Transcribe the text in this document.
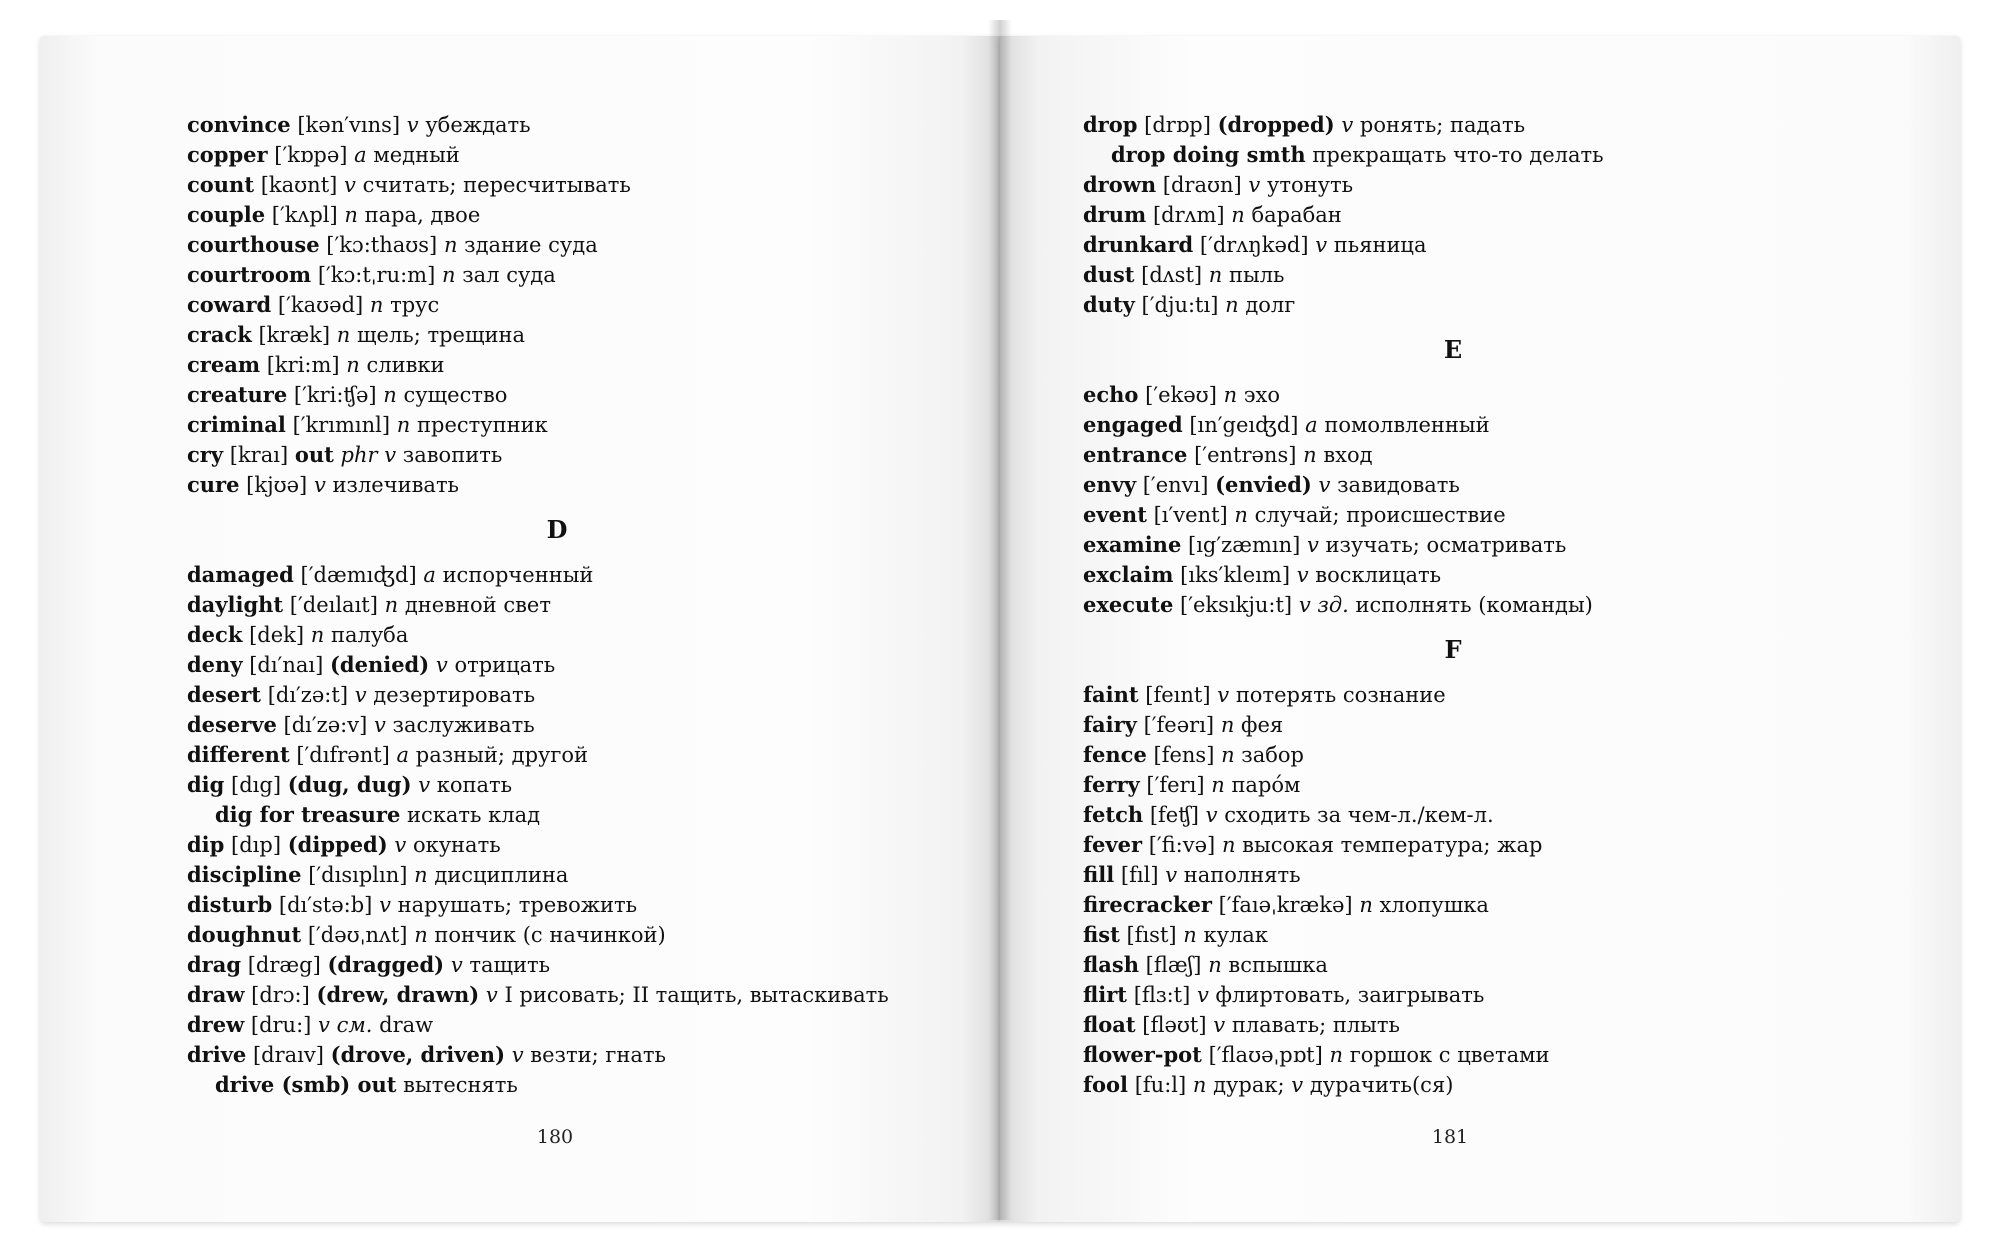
convince [kən′vıns] v убеждать
copper [′kɒpə] a медный
count [kaʊnt] v считать; пересчитывать
couple [′kʌpl] n пара, двое
courthouse [′kɔ:thaʊs] n здание суда
courtroom [′kɔ:tˌru:m] n зал суда
coward [′kaʊəd] n трус
crack [kræk] n щель; трещина
cream [kri:m] n сливки
creature [′kri:ʧə] n существо
criminal [′krımınl] n преступник
cry [kraı] out phr v завопить
cure [kjʊə] v излечивать
D
damaged [′dæmıʤd] a испорченный
daylight [′deılaıt] n дневной свет
deck [dek] n палуба
deny [dı′naı] (denied) v отрицать
desert [dı′zə:t] v дезертировать
deserve [dı′zə:v] v заслуживать
different [′dıfrənt] a разный; другой
dig [dıg] (dug, dug) v копать
dig for treasure искать клад
dip [dıp] (dipped) v окунать
discipline [′dısıplın] n дисциплина
disturb [dı′stə:b] v нарушать; тревожить
doughnut [′dəʊˌnʌt] n пончик (с начинкой)
drag [dræg] (dragged) v тащить
draw [drɔ:] (drew, drawn) v I рисовать; II тащить, вытаскивать
drew [dru:] v см. draw
drive [draıv] (drove, driven) v везти; гнать
drive (smb) out вытеснять
drop [drɒp] (dropped) v ронять; падать
drop doing smth прекращать что-то делать
drown [draʊn] v утонуть
drum [drʌm] n барабан
drunkard [′drʌŋkəd] v пьяница
dust [dʌst] n пыль
duty [′dju:tı] n долг
E
echo [′ekəʊ] n эхо
engaged [ın′geıʤd] a помолвленный
entrance [′entrəns] n вход
envy [′envı] (envied) v завидовать
event [ı′vent] n случай; происшествие
examine [ıg′zæmın] v изучать; осматривать
exclaim [ıks′kleım] v восклицать
execute [′eksıkju:t] v зд. исполнять (команды)
F
faint [feınt] v потерять сознание
fairy [′feərı] n фея
fence [fens] n забор
ferry [′ferı] n паро́м
fetch [feʧ] v сходить за чем-л./кем-л.
fever [′fi:və] n высокая температура; жар
fill [fıl] v наполнять
firecracker [′faıəˌkrækə] n хлопушка
fist [fıst] n кулак
flash [flæʃ] n вспышка
flirt [flɜ:t] v флиртовать, заигрывать
float [fləʊt] v плавать; плыть
flower-pot [′flaʊəˌpɒt] n горшок с цветами
fool [fu:l] n дурак; v дурачить(ся)
180	181
